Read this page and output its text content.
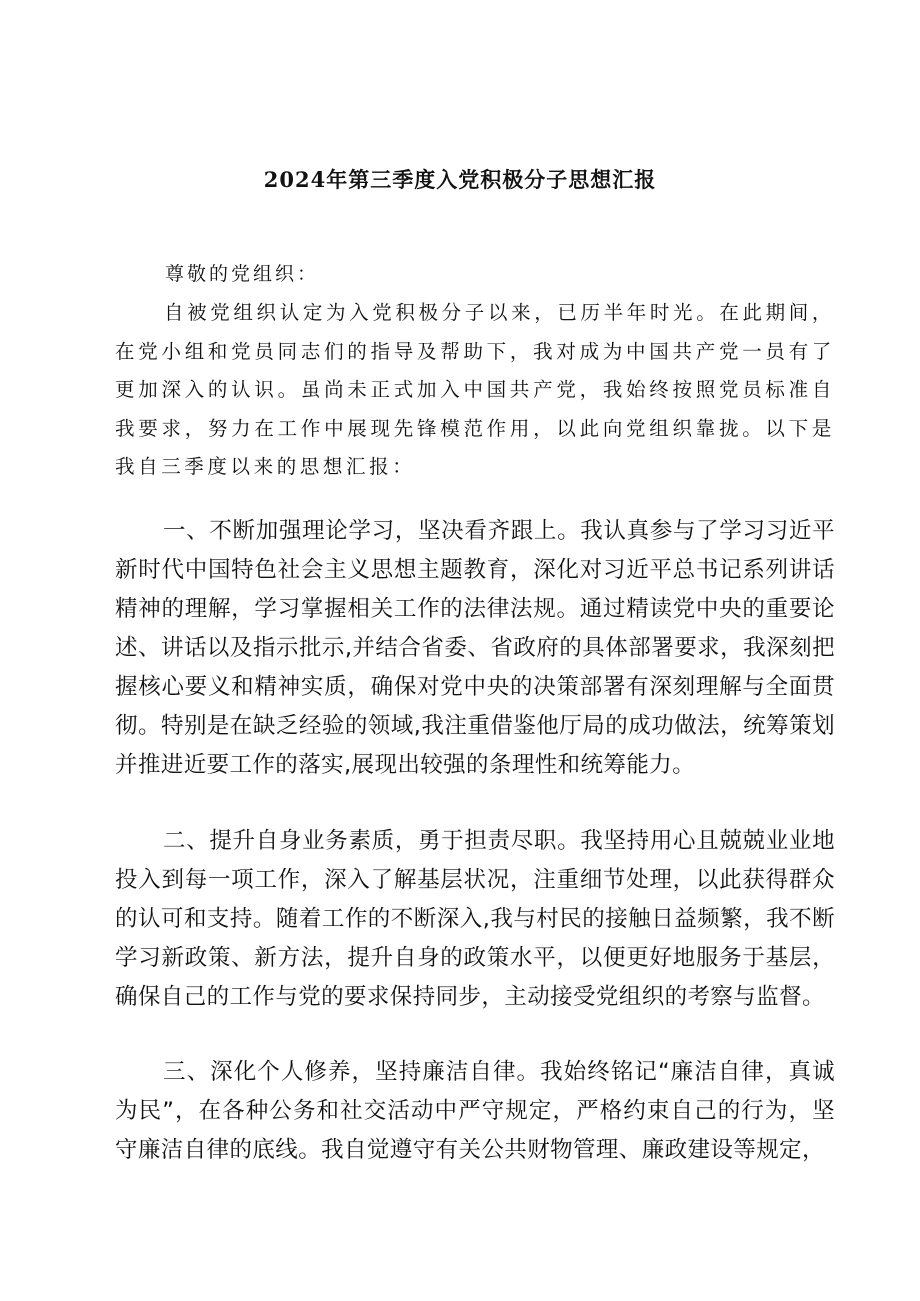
2024年第三季度入党积极分子思想汇报
尊敬的党组织：

自被党组织认定为入党积极分子以来，已历半年时光。在此期间，在党小组和党员同志们的指导及帮助下，我对成为中国共产党一员有了更加深入的认识。虽尚未正式加入中国共产党，我始终按照党员标准自我要求，努力在工作中展现先锋模范作用，以此向党组织靠拢。以下是我自三季度以来的思想汇报：

一、不断加强理论学习，坚决看齐跟上。我认真参与了学习习近平新时代中国特色社会主义思想主题教育，深化对习近平总书记系列讲话精神的理解，学习掌握相关工作的法律法规。通过精读党中央的重要论述、讲话以及指示批示,并结合省委、省政府的具体部署要求，我深刻把握核心要义和精神实质，确保对党中央的决策部署有深刻理解与全面贯彻。特别是在缺乏经验的领域,我注重借鉴他厅局的成功做法，统筹策划并推进近要工作的落实,展现出较强的条理性和统筹能力。

二、提升自身业务素质，勇于担责尽职。我坚持用心且兢兢业业地投入到每一项工作，深入了解基层状况，注重细节处理，以此获得群众的认可和支持。随着工作的不断深入,我与村民的接触日益频繁，我不断学习新政策、新方法，提升自身的政策水平，以便更好地服务于基层，确保自己的工作与党的要求保持同步，主动接受党组织的考察与监督。

三、深化个人修养，坚持廉洁自律。我始终铭记“廉洁自律，真诚为民”，在各种公务和社交活动中严守规定，严格约束自己的行为，坚守廉洁自律的底线。我自觉遵守有关公共财物管理、廉政建设等规定，
